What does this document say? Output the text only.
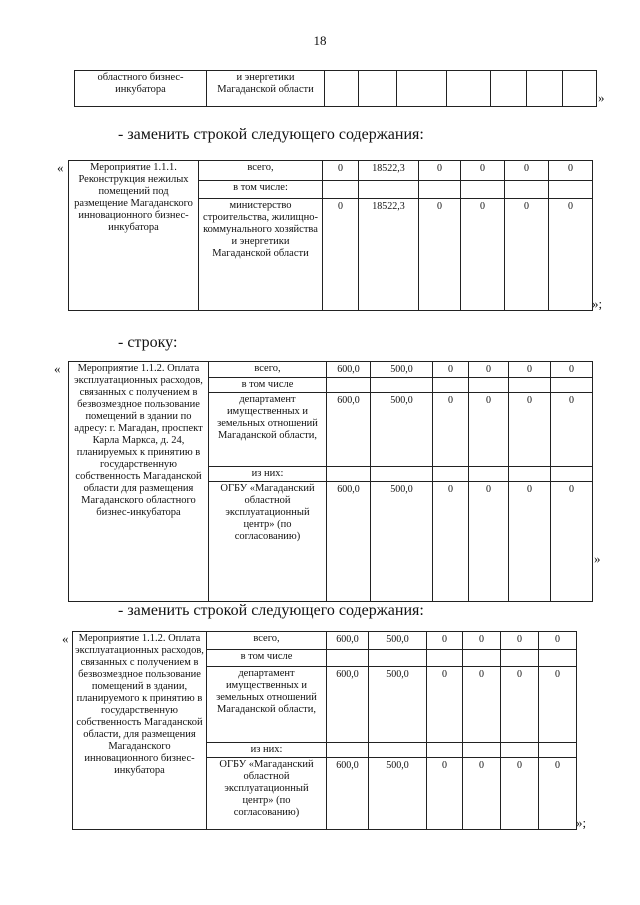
18
областного бизнес-инкубатора	и энергетики Магаданской области							
»
- заменить строкой следующего содержания:
«	Мероприятие 1.1.1. Реконструкция нежилых помещений под размещение Магаданского инновационного бизнес-инкубатора	всего,	0	18522,3	0	0	0	0
	в том числе:						
	министерство строительства, жилищно-коммунального хозяйства и энергетики Магаданской области	0	18522,3	0	0	0	0
»;
- строку:
« Мероприятие 1.1.2. Оплата эксплуатационных расходов, связанных с получением в безвозмездное пользование помещений в здании по адресу: г. Магадан, проспект Карла Маркса, д. 24, планируемых к принятию в государственную собственность Магаданской области для размещения Магаданского областного бизнес-инкубатора	всего,	600,0	500,0	0	0	0	0
	в том числе						
	департамент имущественных и земельных отношений Магаданской области,	600,0	500,0	0	0	0	0
	из них:						
	ОГБУ «Магаданский областной эксплуатационный центр» (по согласованию)	600,0	500,0	0	0	0	0
»
- заменить строкой следующего содержания:
« Мероприятие 1.1.2. Оплата эксплуатационных расходов, связанных с получением в безвозмездное пользование помещений в здании, планируемого к принятию в государственную собственность Магаданской области, для размещения Магаданского инновационного бизнес-инкубатора	всего,	600,0	500,0	0	0	0	0
	в том числе						
	департамент имущественных и земельных отношений Магаданской области,	600,0	500,0	0	0	0	0
	из них:						
	ОГБУ «Магаданский областной эксплуатационный центр» (по согласованию)	600,0	500,0	0	0	0	0
»;
